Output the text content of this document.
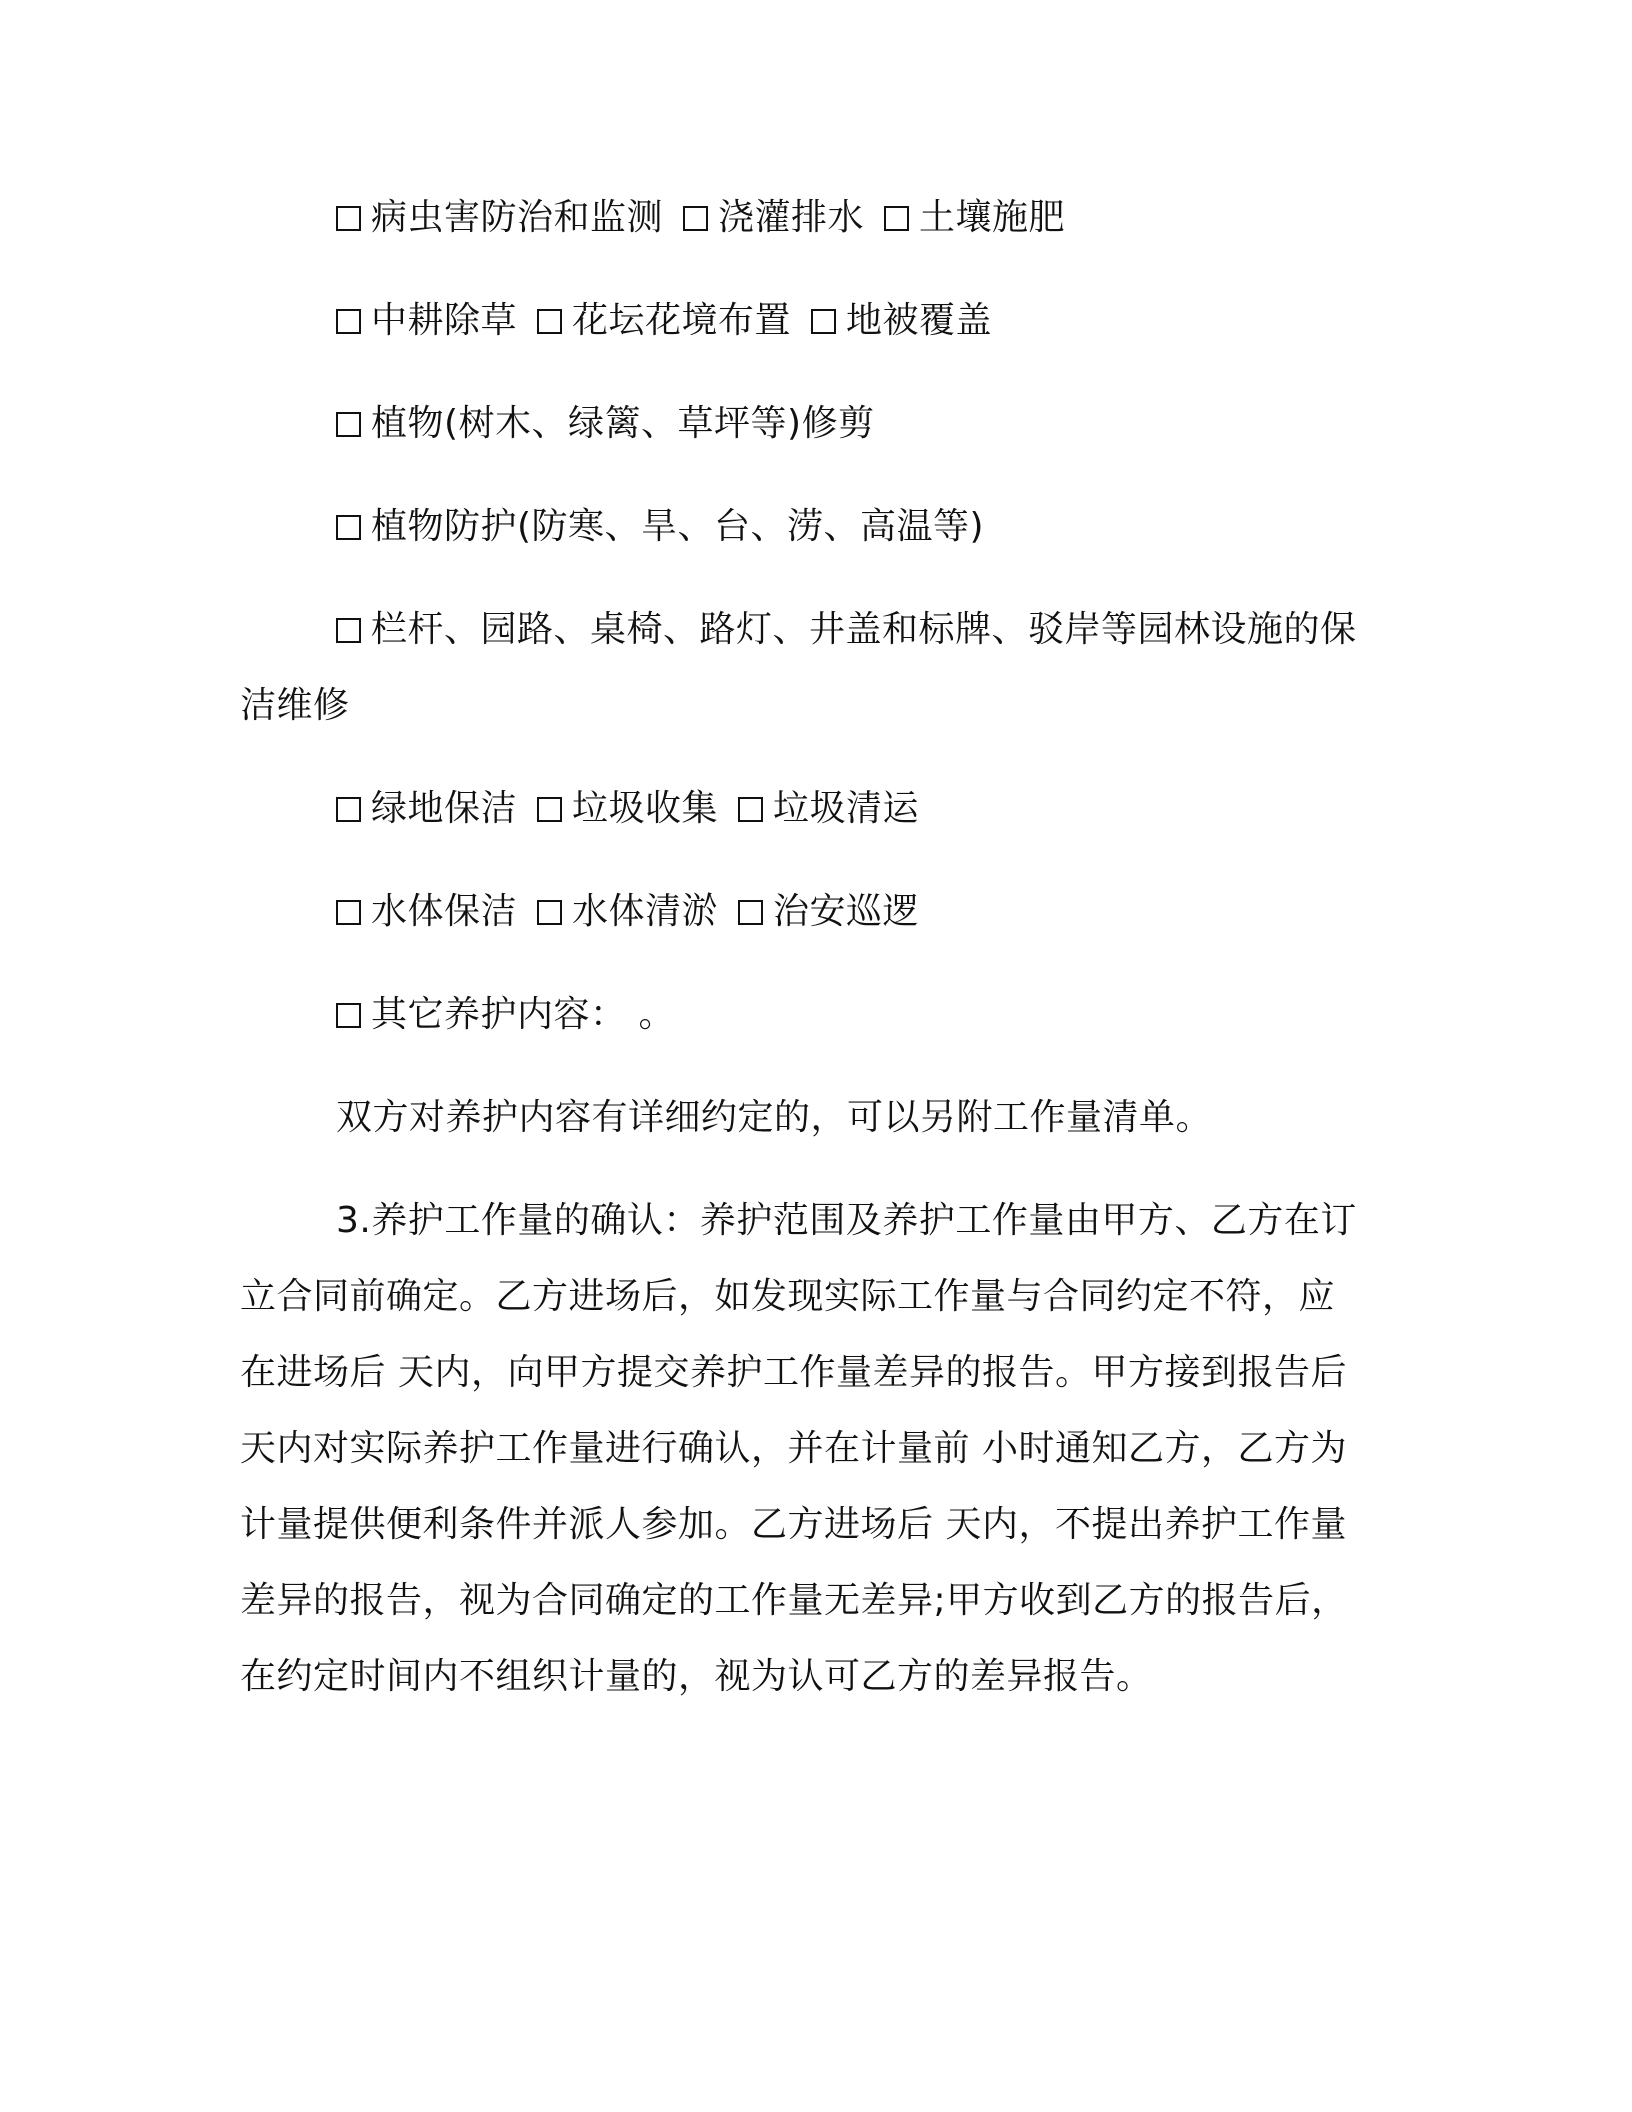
病虫害防治和监测 浇灌排水 土壤施肥
中耕除草 花坛花境布置 地被覆盖
植物(树木、绿篱、草坪等)修剪
植物防护(防寒、旱、台、涝、高温等)
栏杆、园路、桌椅、路灯、井盖和标牌、驳岸等园林设施的保
洁维修
绿地保洁 垃圾收集 垃圾清运
水体保洁 水体清淤 治安巡逻
其它养护内容： 。
双方对养护内容有详细约定的，可以另附工作量清单。
3.养护工作量的确认：养护范围及养护工作量由甲方、乙方在订
立合同前确定。乙方进场后，如发现实际工作量与合同约定不符，应
在进场后 天内，向甲方提交养护工作量差异的报告。甲方接到报告后
天内对实际养护工作量进行确认，并在计量前 小时通知乙方，乙方为
计量提供便利条件并派人参加。乙方进场后 天内，不提出养护工作量
差异的报告，视为合同确定的工作量无差异;甲方收到乙方的报告后，
在约定时间内不组织计量的，视为认可乙方的差异报告。
